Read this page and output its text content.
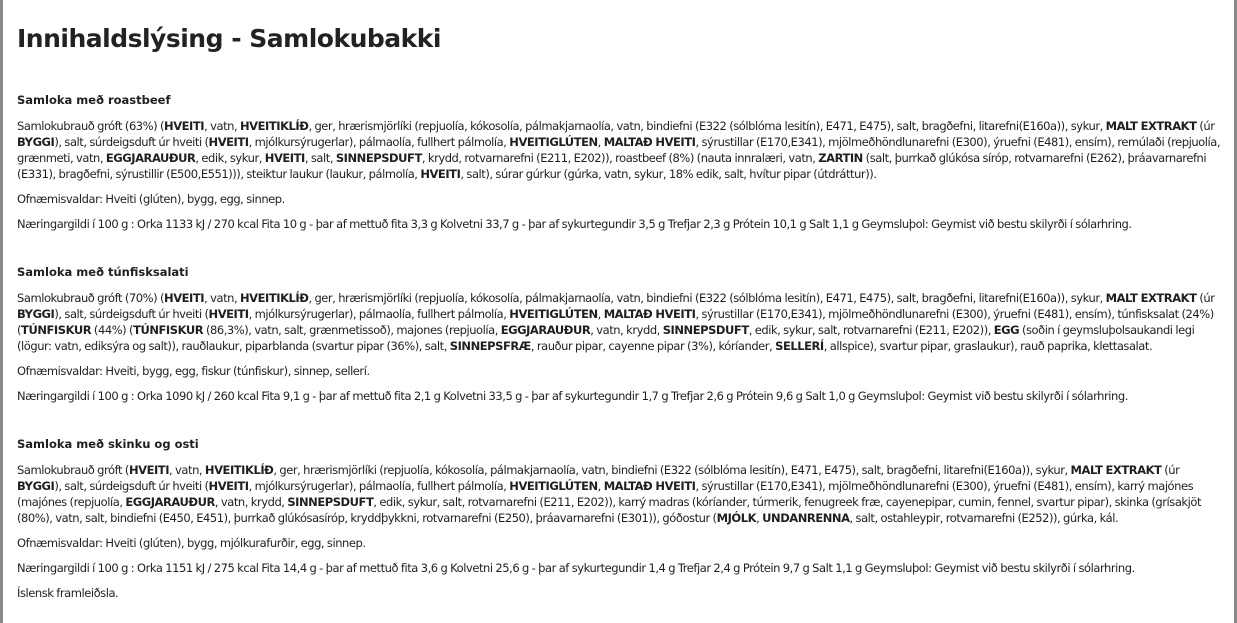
Innihaldslýsing - Samlokubakki
Samloka með roastbeef
Samlokubrauð gróft (63%) (HVEITI, vatn, HVEITIKLÍÐ, ger, hrærismjörlíki (repjuolía, kókosolía, pálmakjarnaolía, vatn, bindiefni (E322 (sólblóma lesitín), E471, E475), salt, bragðefni, litarefni(E160a)), sykur, MALT EXTRAKT (úr BYGGI), salt, súrdeigsduft úr hveiti (HVEITI, mjólkursýrugerlar), pálmaolía, fullhert pálmolía, HVEITIGLÚTEN, MALTAÐ HVEITI, sýrustillar (E170,E341), mjölmeðhöndlunarefni (E300), ýruefni (E481), ensím), remúlaði (repjuolía, grænmeti, vatn, EGGJARAUÐUR, edik, sykur, HVEITI, salt, SINNEPSDUFT, krydd, rotvarnarefni (E211, E202)), roastbeef (8%) (nauta innralæri, vatn, ZARTIN (salt, þurrkað glúkósa síróp, rotvarnarefni (E262), þráavarnarefni (E331), bragðefni, sýrustillir (E500,E551))), steiktur laukur (laukur, pálmolía, HVEITI, salt), súrar gúrkur (gúrka, vatn, sykur, 18% edik, salt, hvítur pipar (útdráttur)).
Ofnæmisvaldar: Hveiti (glúten), bygg, egg, sinnep.
Næringargildi í 100 g : Orka 1133 kJ / 270 kcal Fita 10 g - þar af mettuð fita 3,3 g Kolvetni 33,7 g - þar af sykurtegundir 3,5 g Trefjar 2,3 g Prótein 10,1 g Salt 1,1 g Geymsluþol: Geymist við bestu skilyrði í sólarhring.
Samloka með túnfisksalati
Samlokubrauð gróft (70%) (HVEITI, vatn, HVEITIKLÍÐ, ger, hrærismjörlíki (repjuolía, kókosolía, pálmakjarnaolía, vatn, bindiefni (E322 (sólblóma lesitín), E471, E475), salt, bragðefni, litarefni(E160a)), sykur, MALT EXTRAKT (úr BYGGI), salt, súrdeigsduft úr hveiti (HVEITI, mjólkursýrugerlar), pálmaolía, fullhert pálmolía, HVEITIGLÚTEN, MALTAÐ HVEITI, sýrustillar (E170,E341), mjölmeðhöndlunarefni (E300), ýruefni (E481), ensím), túnfisksalat (24%) (TÚNFISKUR (44%) (TÚNFISKUR (86,3%), vatn, salt, grænmetissoð), majones (repjuolía, EGGJARAUÐUR, vatn, krydd, SINNEPSDUFT, edik, sykur, salt, rotvarnarefni (E211, E202)), EGG (soðin í geymsluþolsaukandi legi (lögur: vatn, ediksýra og salt)), rauðlaukur, piparblanda (svartur pipar (36%), salt, SINNEPSFRÆ, rauður pipar, cayenne pipar (3%), kóríander, SELLERÍ, allspice), svartur pipar, graslaukur), rauð paprika, klettasalat.
Ofnæmisvaldar: Hveiti, bygg, egg, fiskur (túnfiskur), sinnep, sellerí.
Næringargildi í 100 g : Orka 1090 kJ / 260 kcal Fita 9,1 g - þar af mettuð fita 2,1 g Kolvetni 33,5 g - þar af sykurtegundir 1,7 g Trefjar 2,6 g Prótein 9,6 g Salt 1,0 g Geymsluþol: Geymist við bestu skilyrði í sólarhring.
Samloka með skinku og osti
Samlokubrauð gróft (HVEITI, vatn, HVEITIKLÍÐ, ger, hrærismjörlíki (repjuolía, kókosolía, pálmakjarnaolía, vatn, bindiefni (E322 (sólblóma lesitín), E471, E475), salt, bragðefni, litarefni(E160a)), sykur, MALT EXTRAKT (úr BYGGI), salt, súrdeigsduft úr hveiti (HVEITI, mjólkursýrugerlar), pálmaolía, fullhert pálmolía, HVEITIGLÚTEN, MALTAÐ HVEITI, sýrustillar (E170,E341), mjölmeðhöndlunarefni (E300), ýruefni (E481), ensím), karrý majónes (majónes (repjuolía, EGGJARAUÐUR, vatn, krydd, SINNEPSDUFT, edik, sykur, salt, rotvarnarefni (E211, E202)), karrý madras (kóríander, túrmerik, fenugreek fræ, cayenepipar, cumin, fennel, svartur pipar), skinka (grísakjöt (80%), vatn, salt, bindiefni (E450, E451), þurrkað glúkósasíróp, kryddþykkni, rotvarnarefni (E250), þráavarnarefni (E301)), góðostur (MJÓLK, UNDANRENNA, salt, ostahleypir, rotvarnarefni (E252)), gúrka, kál.
Ofnæmisvaldar: Hveiti (glúten), bygg, mjólkurafurðir, egg, sinnep.
Næringargildi í 100 g : Orka 1151 kJ / 275 kcal Fita 14,4 g - þar af mettuð fita 3,6 g Kolvetni 25,6 g - þar af sykurtegundir 1,4 g Trefjar 2,4 g Prótein 9,7 g Salt 1,1 g Geymsluþol: Geymist við bestu skilyrði í sólarhring.
Íslensk framleiðsla.
